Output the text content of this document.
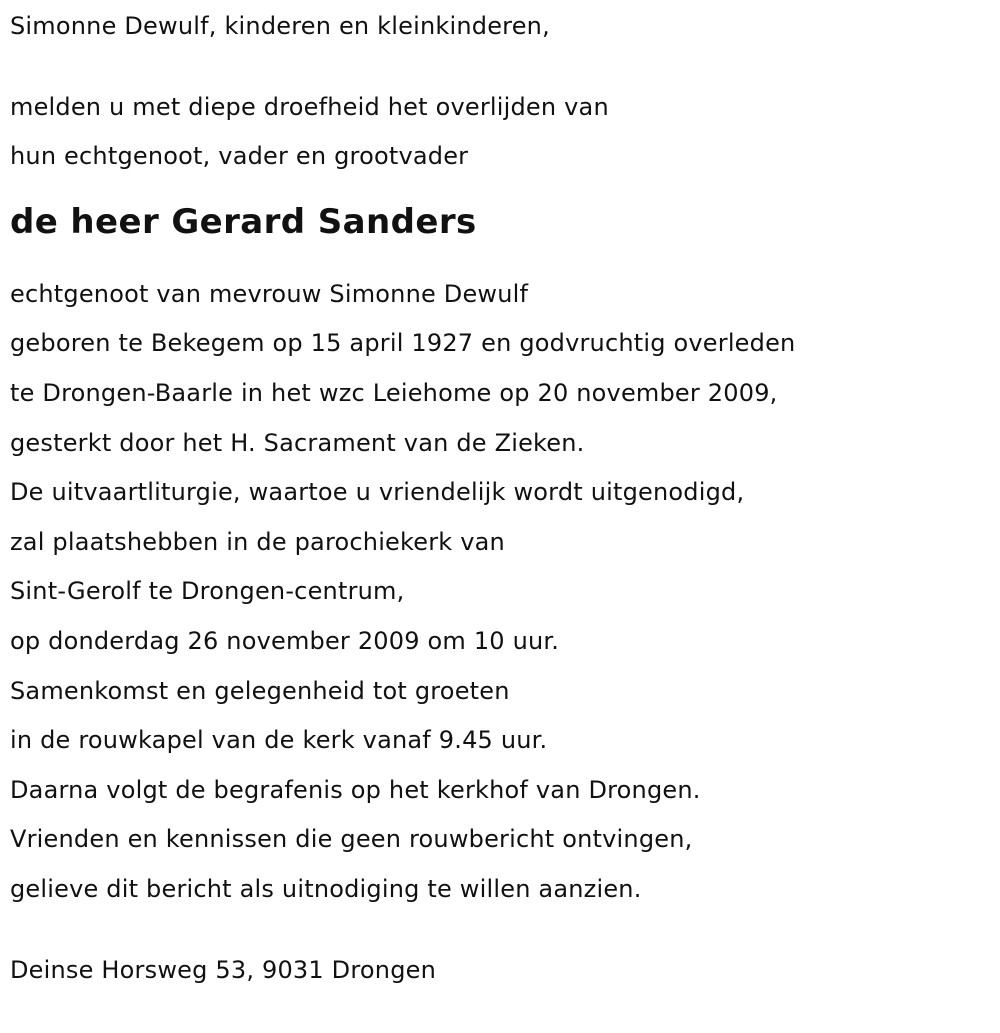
Simonne Dewulf, kinderen en kleinkinderen,
melden u met diepe droefheid het overlijden van
hun echtgenoot, vader en grootvader
de heer Gerard Sanders
echtgenoot van mevrouw Simonne Dewulf
geboren te Bekegem op 15 april 1927 en godvruchtig overleden
te Drongen-Baarle in het wzc Leiehome op 20 november 2009,
gesterkt door het H. Sacrament van de Zieken.
De uitvaartliturgie, waartoe u vriendelijk wordt uitgenodigd,
zal plaatshebben in de parochiekerk van
Sint-Gerolf te Drongen-centrum,
op donderdag 26 november 2009 om 10 uur.
Samenkomst en gelegenheid tot groeten
in de rouwkapel van de kerk vanaf 9.45 uur.
Daarna volgt de begrafenis op het kerkhof van Drongen.
Vrienden en kennissen die geen rouwbericht ontvingen,
gelieve dit bericht als uitnodiging te willen aanzien.
Deinse Horsweg 53, 9031 Drongen
